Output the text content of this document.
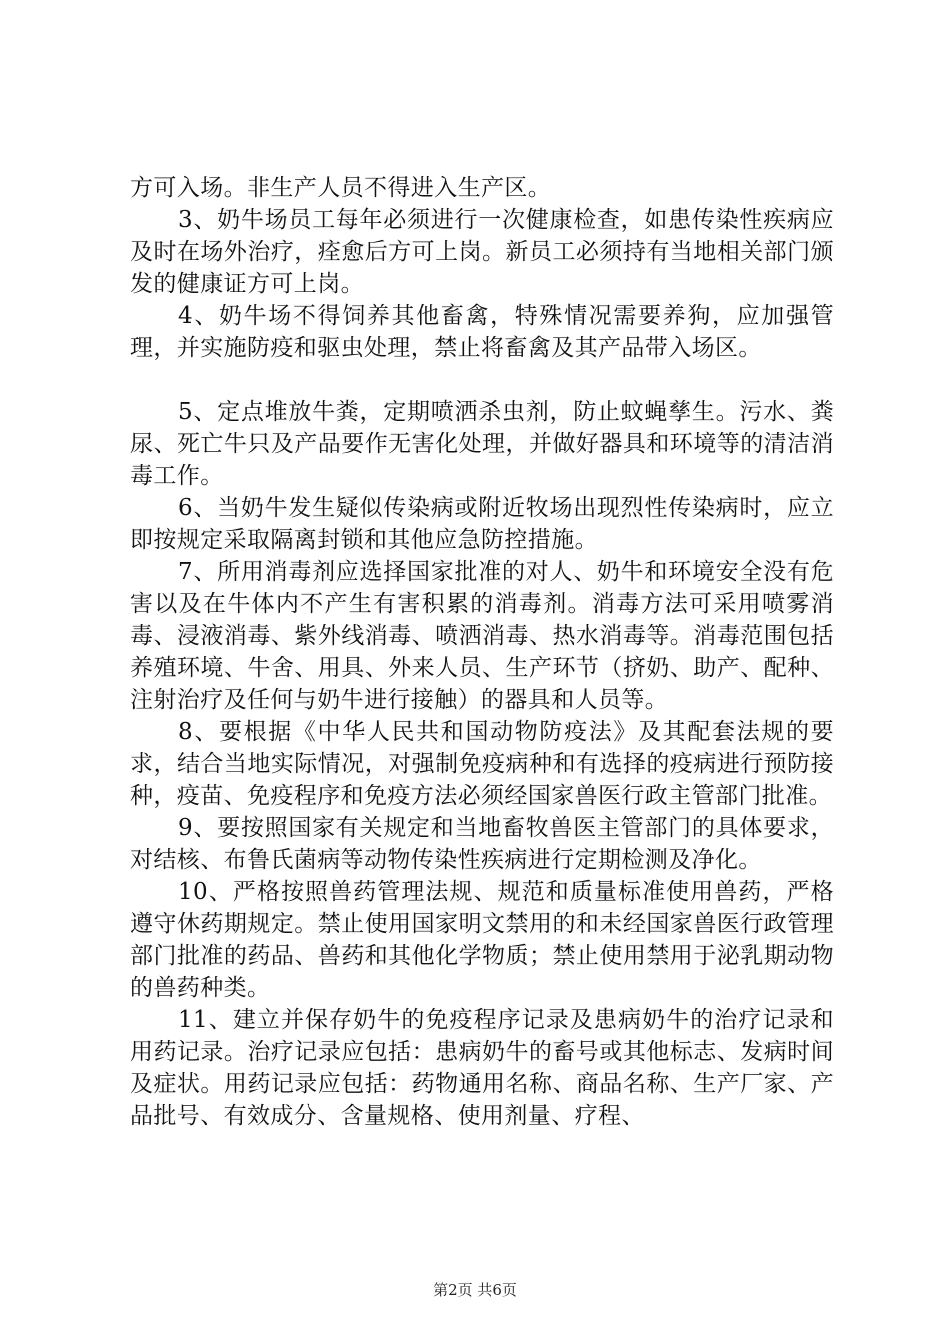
方可入场。非生产人员不得进入生产区。

3、奶牛场员工每年必须进行一次健康检查，如患传染性疾病应及时在场外治疗，痊愈后方可上岗。新员工必须持有当地相关部门颁发的健康证方可上岗。

4、奶牛场不得饲养其他畜禽，特殊情况需要养狗，应加强管理，并实施防疫和驱虫处理，禁止将畜禽及其产品带入场区。

5、定点堆放牛粪，定期喷洒杀虫剂，防止蚊蝇孳生。污水、粪尿、死亡牛只及产品要作无害化处理，并做好器具和环境等的清洁消毒工作。

6、当奶牛发生疑似传染病或附近牧场出现烈性传染病时，应立即按规定采取隔离封锁和其他应急防控措施。

7、所用消毒剂应选择国家批准的对人、奶牛和环境安全没有危害以及在牛体内不产生有害积累的消毒剂。消毒方法可采用喷雾消毒、浸液消毒、紫外线消毒、喷洒消毒、热水消毒等。消毒范围包括养殖环境、牛舍、用具、外来人员、生产环节（挤奶、助产、配种、注射治疗及任何与奶牛进行接触）的器具和人员等。

8、要根据《中华人民共和国动物防疫法》及其配套法规的要求，结合当地实际情况，对强制免疫病种和有选择的疫病进行预防接种，疫苗、免疫程序和免疫方法必须经国家兽医行政主管部门批准。

9、要按照国家有关规定和当地畜牧兽医主管部门的具体要求，对结核、布鲁氏菌病等动物传染性疾病进行定期检测及净化。

10、严格按照兽药管理法规、规范和质量标准使用兽药，严格遵守休药期规定。禁止使用国家明文禁用的和未经国家兽医行政管理部门批准的药品、兽药和其他化学物质；禁止使用禁用于泌乳期动物的兽药种类。

11、建立并保存奶牛的免疫程序记录及患病奶牛的治疗记录和用药记录。治疗记录应包括：患病奶牛的畜号或其他标志、发病时间及症状。用药记录应包括：药物通用名称、商品名称、生产厂家、产品批号、有效成分、含量规格、使用剂量、疗程、

第2页 共6页
